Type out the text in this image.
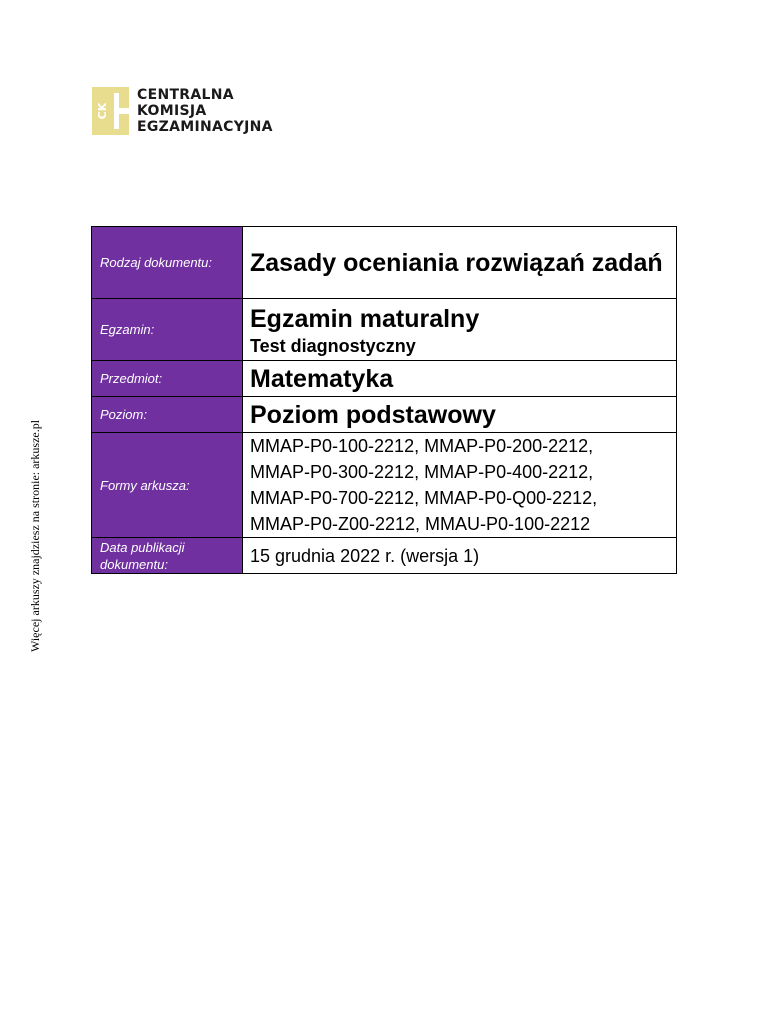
CK
CENTRALNA
KOMISJA
EGZAMINACYJNA
Więcej arkuszy znajdziesz na stronie: arkusze.pl
Rodzaj dokumentu:	Zasady oceniania rozwiązań zadań

Egzamin:	Egzamin maturalny
Test diagnostyczny

Przedmiot:	Matematyka

Poziom:	Poziom podstawowy

Formy arkusza:	MMAP-P0-100-2212, MMAP-P0-200-2212,
MMAP-P0-300-2212, MMAP-P0-400-2212,
MMAP-P0-700-2212, MMAP-P0-Q00-2212,
MMAP-P0-Z00-2212, MMAU-P0-100-2212

Data publikacji dokumentu:	15 grudnia 2022 r. (wersja 1)
